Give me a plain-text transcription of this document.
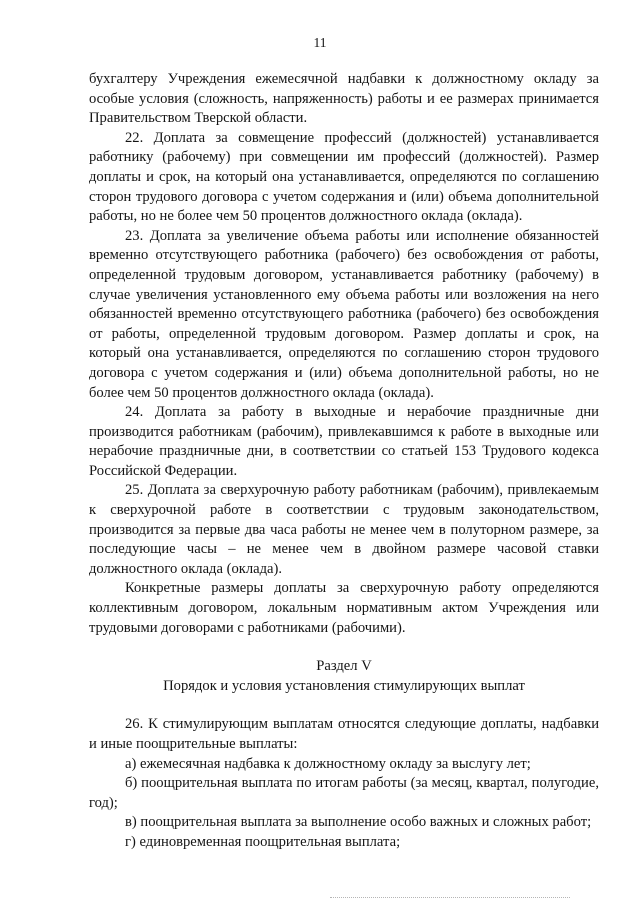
11

бухгалтеру Учреждения ежемесячной надбавки к должностному окладу за особые условия (сложность, напряженность) работы и ее размерах принимается Правительством Тверской области.

22. Доплата за совмещение профессий (должностей) устанавливается работнику (рабочему) при совмещении им профессий (должностей). Размер доплаты и срок, на который она устанавливается, определяются по соглашению сторон трудового договора с учетом содержания и (или) объема дополнительной работы, но не более чем 50 процентов должностного оклада (оклада).

23. Доплата за увеличение объема работы или исполнение обязанностей временно отсутствующего работника (рабочего) без освобождения от работы, определенной трудовым договором, устанавливается работнику (рабочему) в случае увеличения установленного ему объема работы или возложения на него обязанностей временно отсутствующего работника (рабочего) без освобождения от работы, определенной трудовым договором. Размер доплаты и срок, на который она устанавливается, определяются по соглашению сторон трудового договора с учетом содержания и (или) объема дополнительной работы, но не более чем 50 процентов должностного оклада (оклада).

24. Доплата за работу в выходные и нерабочие праздничные дни производится работникам (рабочим), привлекавшимся к работе в выходные или нерабочие праздничные дни, в соответствии со статьей 153 Трудового кодекса Российской Федерации.

25. Доплата за сверхурочную работу работникам (рабочим), привлекаемым к сверхурочной работе в соответствии с трудовым законодательством, производится за первые два часа работы не менее чем в полуторном размере, за последующие часы – не менее чем в двойном размере часовой ставки должностного оклада (оклада).

Конкретные размеры доплаты за сверхурочную работу определяются коллективным договором, локальным нормативным актом Учреждения или трудовыми договорами с работниками (рабочими).

Раздел V

Порядок и условия установления стимулирующих выплат

26. К стимулирующим выплатам относятся следующие доплаты, надбавки и иные поощрительные выплаты:

а) ежемесячная надбавка к должностному окладу за выслугу лет;

б) поощрительная выплата по итогам работы (за месяц, квартал, полугодие, год);

в) поощрительная выплата за выполнение особо важных и сложных работ;

г) единовременная поощрительная выплата;
